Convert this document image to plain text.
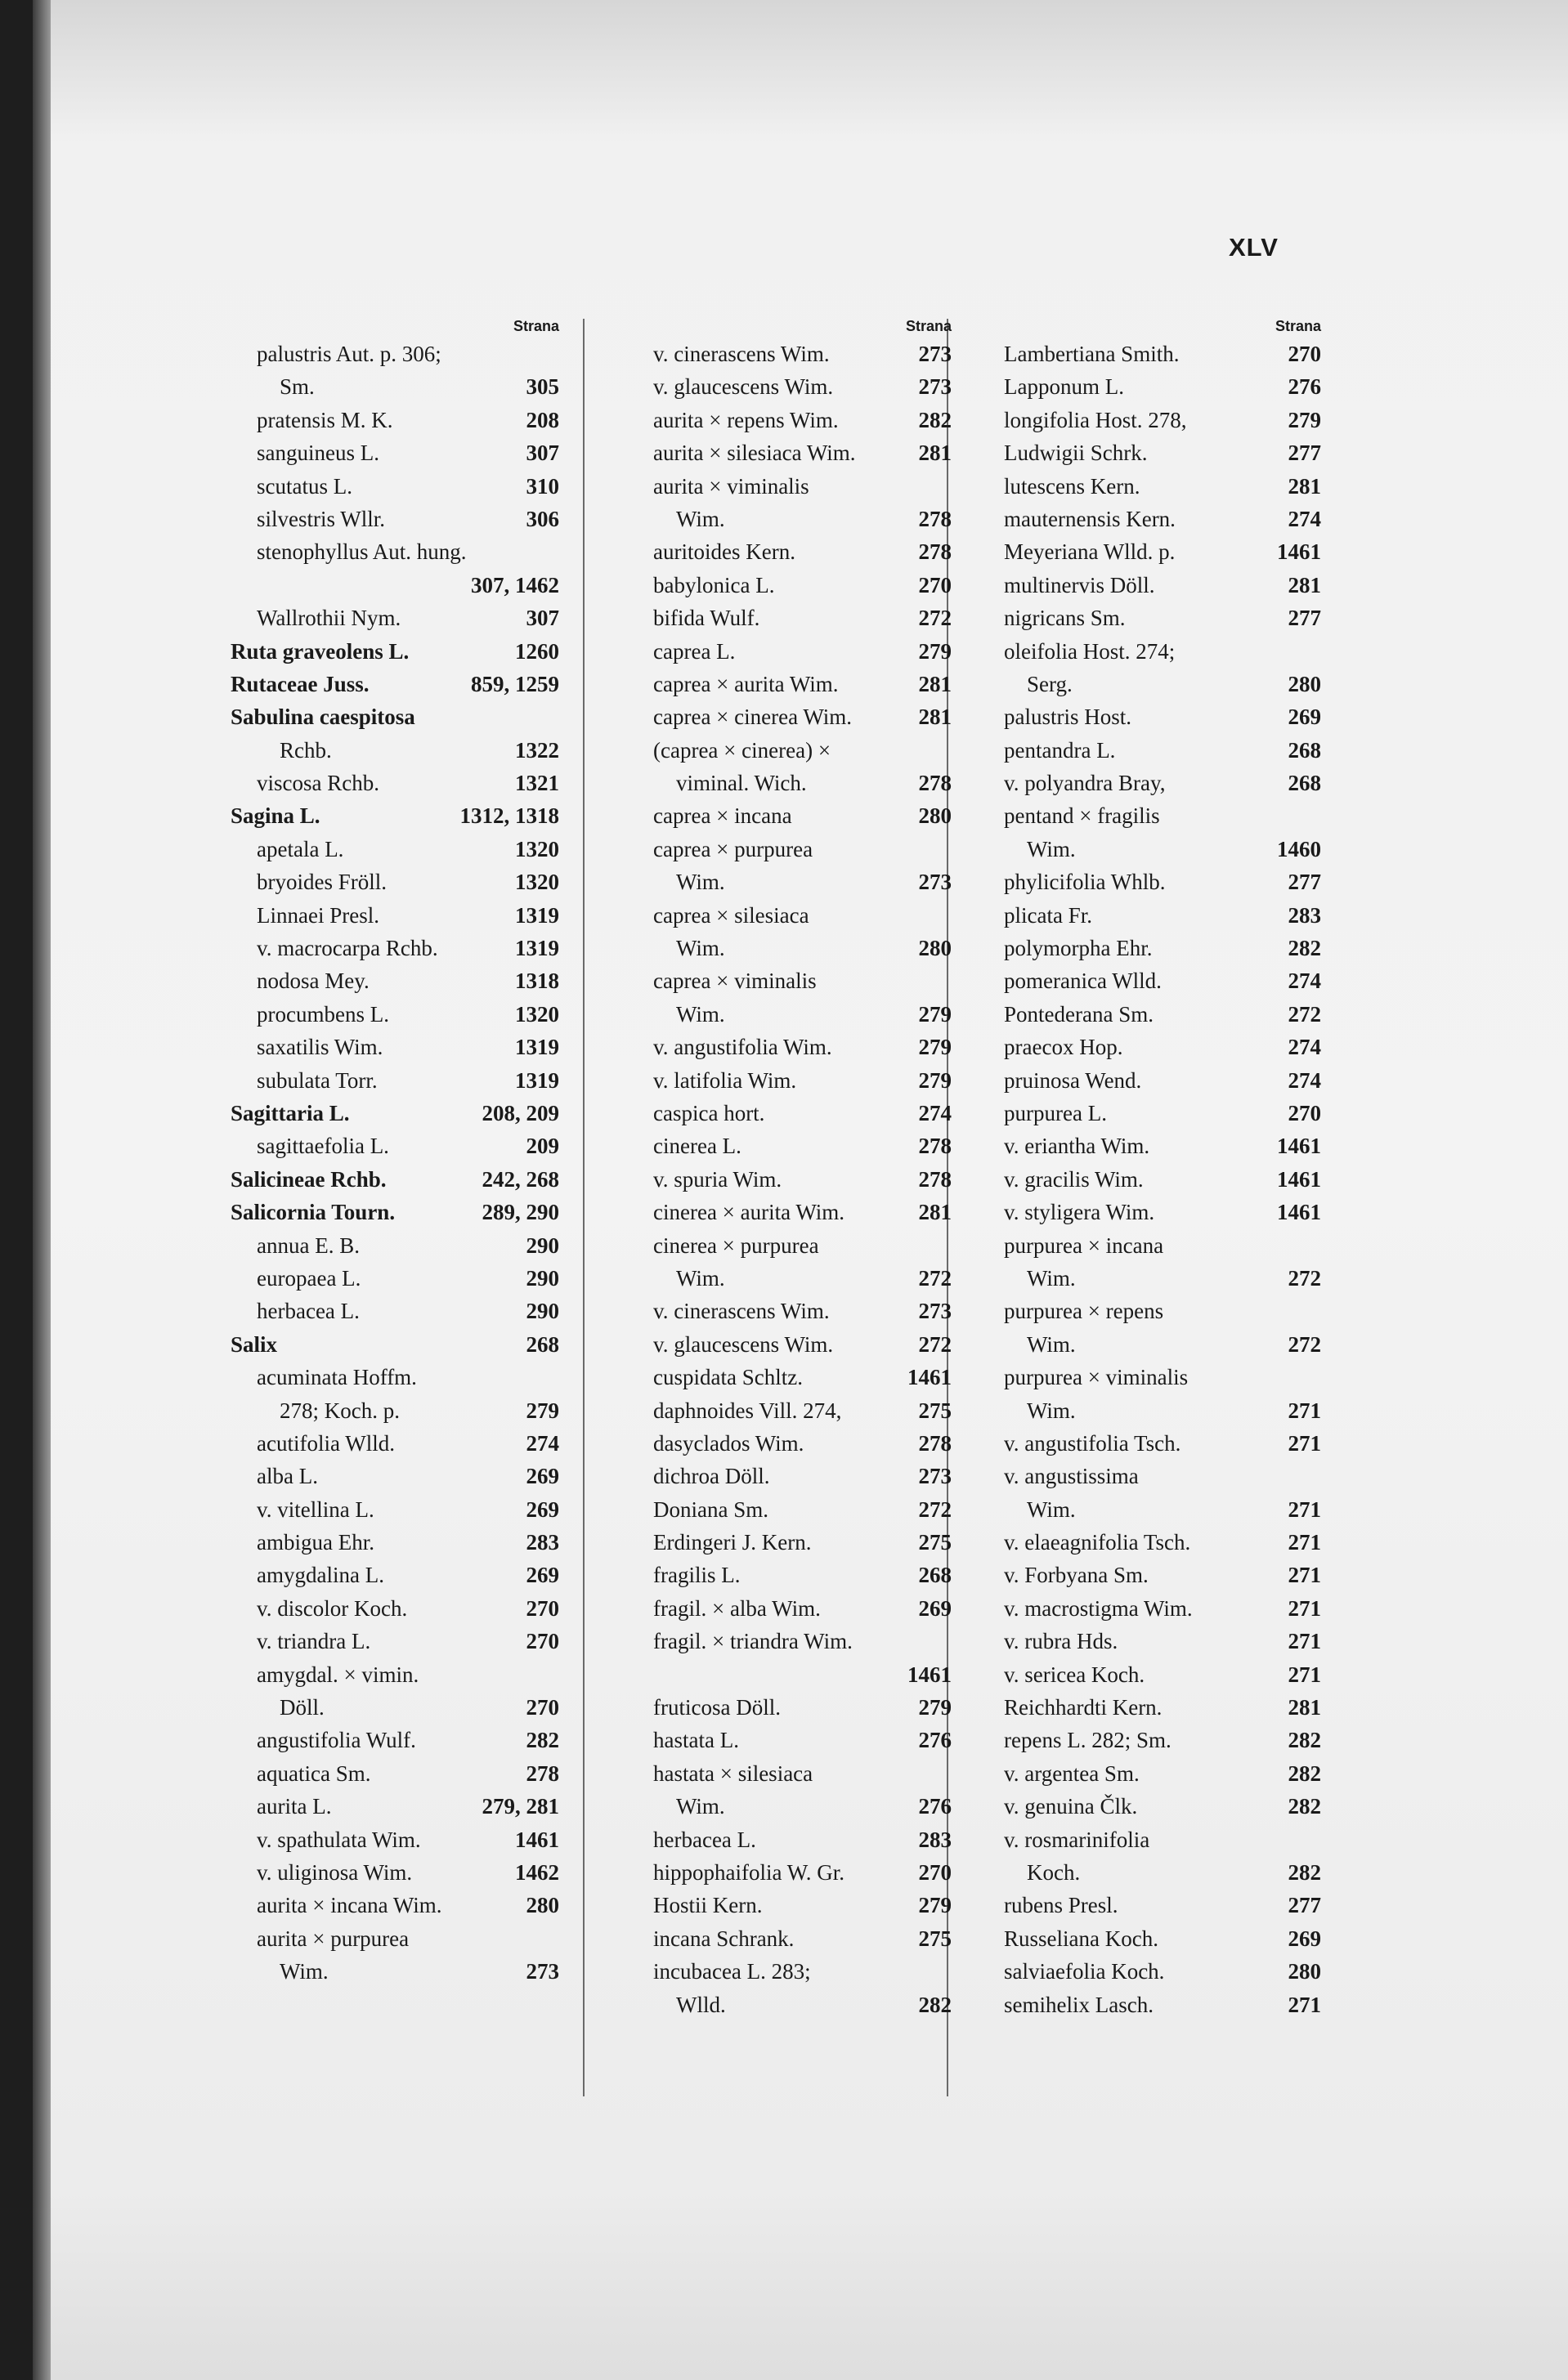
XLV
Strana
palustris Aut. p. 306;
Sm.	305
pratensis M. K.	208
sanguineus L.	307
scutatus L.	310
silvestris Wllr.	306
stenophyllus Aut. hung.
307, 1462
Wallrothii Nym.	307
Ruta graveolens L.	1260
Rutaceae Juss.	859, 1259
Sabulina caespitosa
Rchb.	1322
viscosa Rchb.	1321
Sagina L.	1312, 1318
apetala L.	1320
bryoides Fröll.	1320
Linnaei Presl.	1319
v. macrocarpa Rchb.	1319
nodosa Mey.	1318
procumbens L.	1320
saxatilis Wim.	1319
subulata Torr.	1319
Sagittaria L.	208, 209
sagittaefolia L.	209
Salicineae Rchb.	242, 268
Salicornia Tourn.	289, 290
annua E. B.	290
europaea L.	290
herbacea L.	290
Salix	268
acuminata Hoffm.
278; Koch. p.	279
acutifolia Wlld.	274
alba L.	269
v. vitellina L.	269
ambigua Ehr.	283
amygdalina L.	269
v. discolor Koch.	270
v. triandra L.	270
amygdal. × vimin.
Döll.	270
angustifolia Wulf.	282
aquatica Sm.	278
aurita L.	279, 281
v. spathulata Wim.	1461
v. uliginosa Wim.	1462
aurita × incana Wim.	280
aurita × purpurea
Wim.	273
Strana
v. cinerascens Wim.	273
v. glaucescens Wim.	273
aurita × repens Wim.	282
aurita × silesiaca Wim.	281
aurita × viminalis
Wim.	278
auritoides Kern.	278
babylonica L.	270
bifida Wulf.	272
caprea L.	279
caprea × aurita Wim.	281
caprea × cinerea Wim.	281
(caprea × cinerea) ×
viminal. Wich.	278
caprea × incana	280
caprea × purpurea
Wim.	273
caprea × silesiaca
Wim.	280
caprea × viminalis
Wim.	279
v. angustifolia Wim.	279
v. latifolia Wim.	279
caspica hort.	274
cinerea L.	278
v. spuria Wim.	278
cinerea × aurita Wim.	281
cinerea × purpurea
Wim.	272
v. cinerascens Wim.	273
v. glaucescens Wim.	272
cuspidata Schltz.	1461
daphnoides Vill. 274,	275
dasyclados Wim.	278
dichroa Döll.	273
Doniana Sm.	272
Erdingeri J. Kern.	275
fragilis L.	268
fragil. × alba Wim.	269
fragil. × triandra Wim.
1461
fruticosa Döll.	279
hastata L.	276
hastata × silesiaca
Wim.	276
herbacea L.	283
hippophaifolia W. Gr.	270
Hostii Kern.	279
incana Schrank.	275
incubacea L. 283;
Wlld.	282
Strana
Lambertiana Smith.	270
Lapponum L.	276
longifolia Host. 278,	279
Ludwigii Schrk.	277
lutescens Kern.	281
mauternensis Kern.	274
Meyeriana Wlld. p.	1461
multinervis Döll.	281
nigricans Sm.	277
oleifolia Host. 274;
Serg.	280
palustris Host.	269
pentandra L.	268
v. polyandra Bray,	268
pentand × fragilis
Wim.	1460
phylicifolia Whlb.	277
plicata Fr.	283
polymorpha Ehr.	282
pomeranica Wlld.	274
Pontederana Sm.	272
praecox Hop.	274
pruinosa Wend.	274
purpurea L.	270
v. eriantha Wim.	1461
v. gracilis Wim.	1461
v. styligera Wim.	1461
purpurea × incana
Wim.	272
purpurea × repens
Wim.	272
purpurea × viminalis
Wim.	271
v. angustifolia Tsch.	271
v. angustissima
Wim.	271
v. elaeagnifolia Tsch.	271
v. Forbyana Sm.	271
v. macrostigma Wim.	271
v. rubra Hds.	271
v. sericea Koch.	271
Reichhardti Kern.	281
repens L. 282; Sm.	282
v. argentea Sm.	282
v. genuina Člk.	282
v. rosmarinifolia
Koch.	282
rubens Presl.	277
Russeliana Koch.	269
salviaefolia Koch.	280
semihelix Lasch.	271
